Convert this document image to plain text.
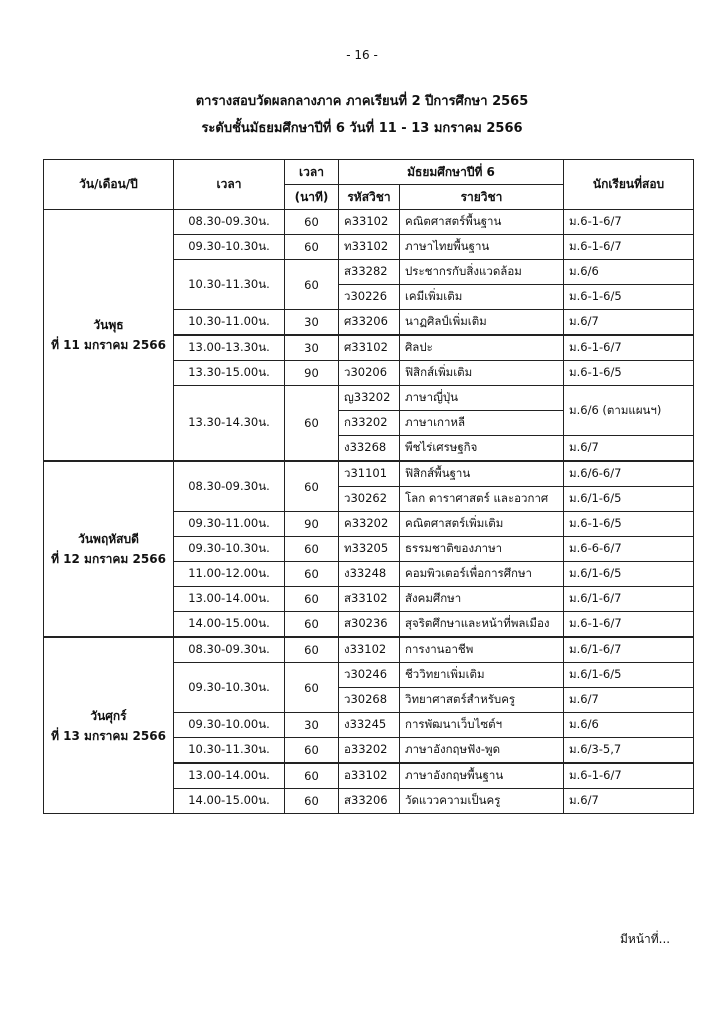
- 16 -
ตารางสอบวัดผลกลางภาค ภาคเรียนที่ 2 ปีการศึกษา 2565
ระดับชั้นมัธยมศึกษาปีที่ 6 วันที่ 11 - 13 มกราคม 2566
วัน/เดือน/ปี	เวลา	เวลา	มัธยมศึกษาปีที่ 6		นักเรียนที่สอบ
		(นาที)	รหัสวิชา	รายวิชา	

วันพุธ
ที่ 11 มกราคม 2566	08.30-09.30น.	60	ค33102	คณิตศาสตร์พื้นฐาน	ม.6-1-6/7
	09.30-10.30น.	60	ท33102	ภาษาไทยพื้นฐาน	ม.6-1-6/7
	10.30-11.30น.	60	ส33282	ประชากรกับสิ่งแวดล้อม	ม.6/6
			ว30226	เคมีเพิ่มเติม	ม.6-1-6/5
	10.30-11.00น.	30	ศ33206	นาฏศิลป์เพิ่มเติม	ม.6/7
	13.00-13.30น.	30	ศ33102	ศิลปะ	ม.6-1-6/7
	13.30-15.00น.	90	ว30206	ฟิสิกส์เพิ่มเติม	ม.6-1-6/5
	13.30-14.30น.	60	ญ33202	ภาษาญี่ปุ่น	ม.6/6 (ตามแผนฯ)
			ก33202	ภาษาเกาหลี	
			ง33268	พืชไร่เศรษฐกิจ	ม.6/7

วันพฤหัสบดี
ที่ 12 มกราคม 2566	08.30-09.30น.	60	ว31101	ฟิสิกส์พื้นฐาน	ม.6/6-6/7
			ว30262	โลก ดาราศาสตร์ และอวกาศ	ม.6/1-6/5
	09.30-11.00น.	90	ค33202	คณิตศาสตร์เพิ่มเติม	ม.6-1-6/5
	09.30-10.30น.	60	ท33205	ธรรมชาติของภาษา	ม.6-6-6/7
	11.00-12.00น.	60	ง33248	คอมพิวเตอร์เพื่อการศึกษา	ม.6/1-6/5
	13.00-14.00น.	60	ส33102	สังคมศึกษา	ม.6/1-6/7
	14.00-15.00น.	60	ส30236	สุจริตศึกษาและหน้าที่พลเมือง	ม.6-1-6/7

วันศุกร์
ที่ 13 มกราคม 2566	08.30-09.30น.	60	ง33102	การงานอาชีพ	ม.6/1-6/7
	09.30-10.30น.	60	ว30246	ชีววิทยาเพิ่มเติม	ม.6/1-6/5
			ว30268	วิทยาศาสตร์สำหรับครู	ม.6/7
	09.30-10.00น.	30	ง33245	การพัฒนาเว็บไซต์ฯ	ม.6/6
	10.30-11.30น.	60	อ33202	ภาษาอังกฤษฟัง-พูด	ม.6/3-5,7
	13.00-14.00น.	60	อ33102	ภาษาอังกฤษพื้นฐาน	ม.6-1-6/7
	14.00-15.00น.	60	ส33206	วัดแววความเป็นครู	ม.6/7
มีหน้าที่...
